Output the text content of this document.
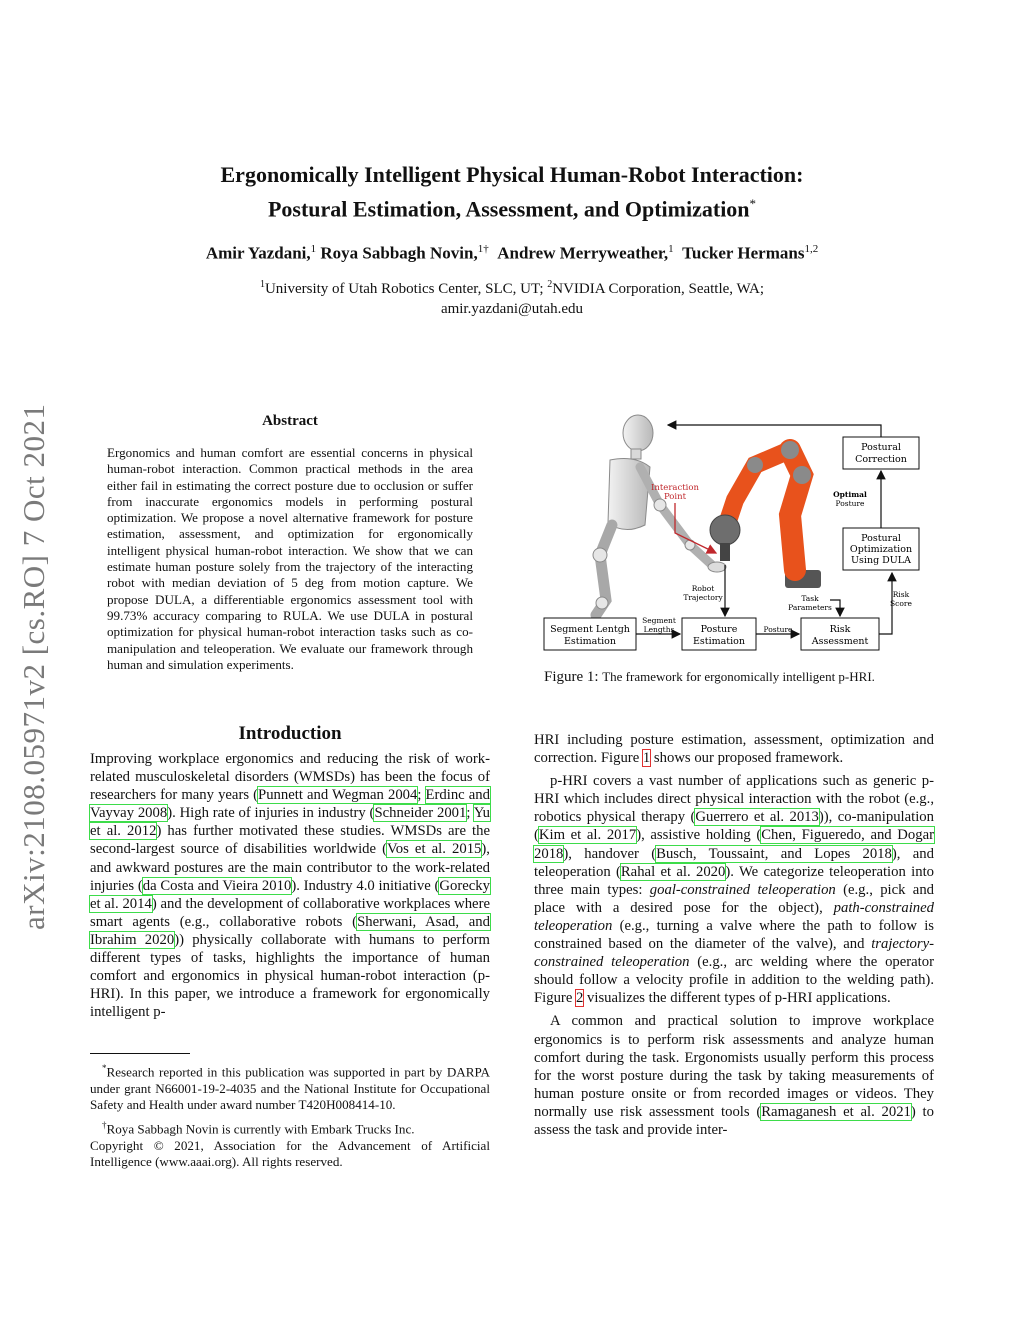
Ergonomically Intelligent Physical Human-Robot Interaction:
Postural Estimation, Assessment, and Optimization*
Amir Yazdani,$^1$ Roya Sabbagh Novin,$^{1\dagger}$ Andrew Merryweather,$^1$ Tucker Hermans$^{1,2}$
$^1$University of Utah Robotics Center, SLC, UT; $^2$NVIDIA Corporation, Seattle, WA;
amir.yazdani@utah.edu
arXiv:2108.05971v2 [cs.RO] 7 Oct 2021	Abstract
Ergonomics and human comfort are essential concerns in physical human-robot interaction. Common practical methods in the area either fail in estimating the correct posture due to occlusion or suffer from inaccurate ergonomics models in performing postural optimization. We propose a novel alternative framework for posture estimation, assessment, and optimization for ergonomically intelligent physical human-robot interaction. We show that we can estimate human posture solely from the trajectory of the interacting robot with median deviation of 5 deg from motion capture. We propose DULA, a differentiable ergonomics assessment tool with 99.73% accuracy comparing to RULA. We use DULA in postural optimization for physical human-robot interaction tasks such as co-manipulation and teleoperation. We evaluate our framework through human and simulation experiments.
Introduction

Improving workplace ergonomics and reducing the risk of work-related musculoskeletal disorders (WMSDs) has been the focus of researchers for many years (Punnett and Wegman 2004; Erdinc and Vayvay 2008). High rate of injuries in industry (Schneider 2001; Yu et al. 2012) has further motivated these studies. WMSDs are the second-largest source of disabilities worldwide (Vos et al. 2015), and awkward postures are the main contributor to the work-related injuries (da Costa and Vieira 2010). Industry 4.0 initiative (Gorecky et al. 2014) and the development of collaborative workplaces where smart agents (e.g., collaborative robots (Sherwani, Asad, and Ibrahim 2020)) physically collaborate with humans to perform different types of tasks, highlights the importance of human comfort and ergonomics in physical human-robot interaction (p-HRI). In this paper, we introduce a framework for ergonomically intelligent p-

*Research reported in this publication was supported in part by DARPA under grant N66001-19-2-4035 and the National Institute for Occupational Safety and Health under award number T420H008414-10.

†Roya Sabbagh Novin is currently with Embark Trucks Inc.

Copyright © 2021, Association for the Advancement of Artificial Intelligence (www.aaai.org). All rights reserved.

Interaction
Point
Postural
Correction
Postural
Optimization
Using DULA
Segment Lentgh
Estimation
Posture
Estimation
Risk
Assessment
Optimal
Posture
Robot
Trajectory	Task
Parameters
Risk
Score
Segment
Lengths	Posture
Figure 1: The framework for ergonomically intelligent p-HRI.

HRI including posture estimation, assessment, optimization and correction. Figure 1 shows our proposed framework.

p-HRI covers a vast number of applications such as generic p-HRI which includes direct physical interaction with the robot (e.g., robotics physical therapy (Guerrero et al. 2013)), co-manipulation (Kim et al. 2017), assistive holding (Chen, Figueredo, and Dogar 2018), handover (Busch, Toussaint, and Lopes 2018), and teleoperation (Rahal et al. 2020). We categorize teleoperation into three main types: goal-constrained teleoperation (e.g., pick and place with a desired pose for the object), path-constrained teleoperation (e.g., turning a valve where the path to follow is constrained based on the diameter of the valve), and trajectory-constrained teleoperation (e.g., arc welding where the operator should follow a velocity profile in addition to the welding path). Figure 2 visualizes the different types of p-HRI applications.

A common and practical solution to improve workplace ergonomics is to perform risk assessments and analyze human comfort during the task. Ergonomists usually perform this process for the worst posture during the task by taking measurements of human posture onsite or from recorded images or videos. They normally use risk assessment tools (Ramaganesh et al. 2021) to assess the task and provide inter-
